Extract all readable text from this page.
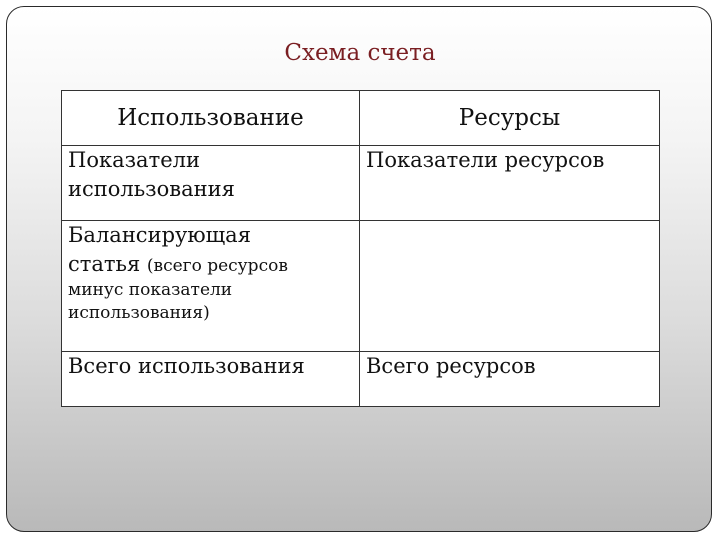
Схема счета
Использование	Ресурсы
Показатели использования	Показатели ресурсов

Балансирующая статья (всего ресурсов
минус показатели использования)	

Всего использования	Всего ресурсов
